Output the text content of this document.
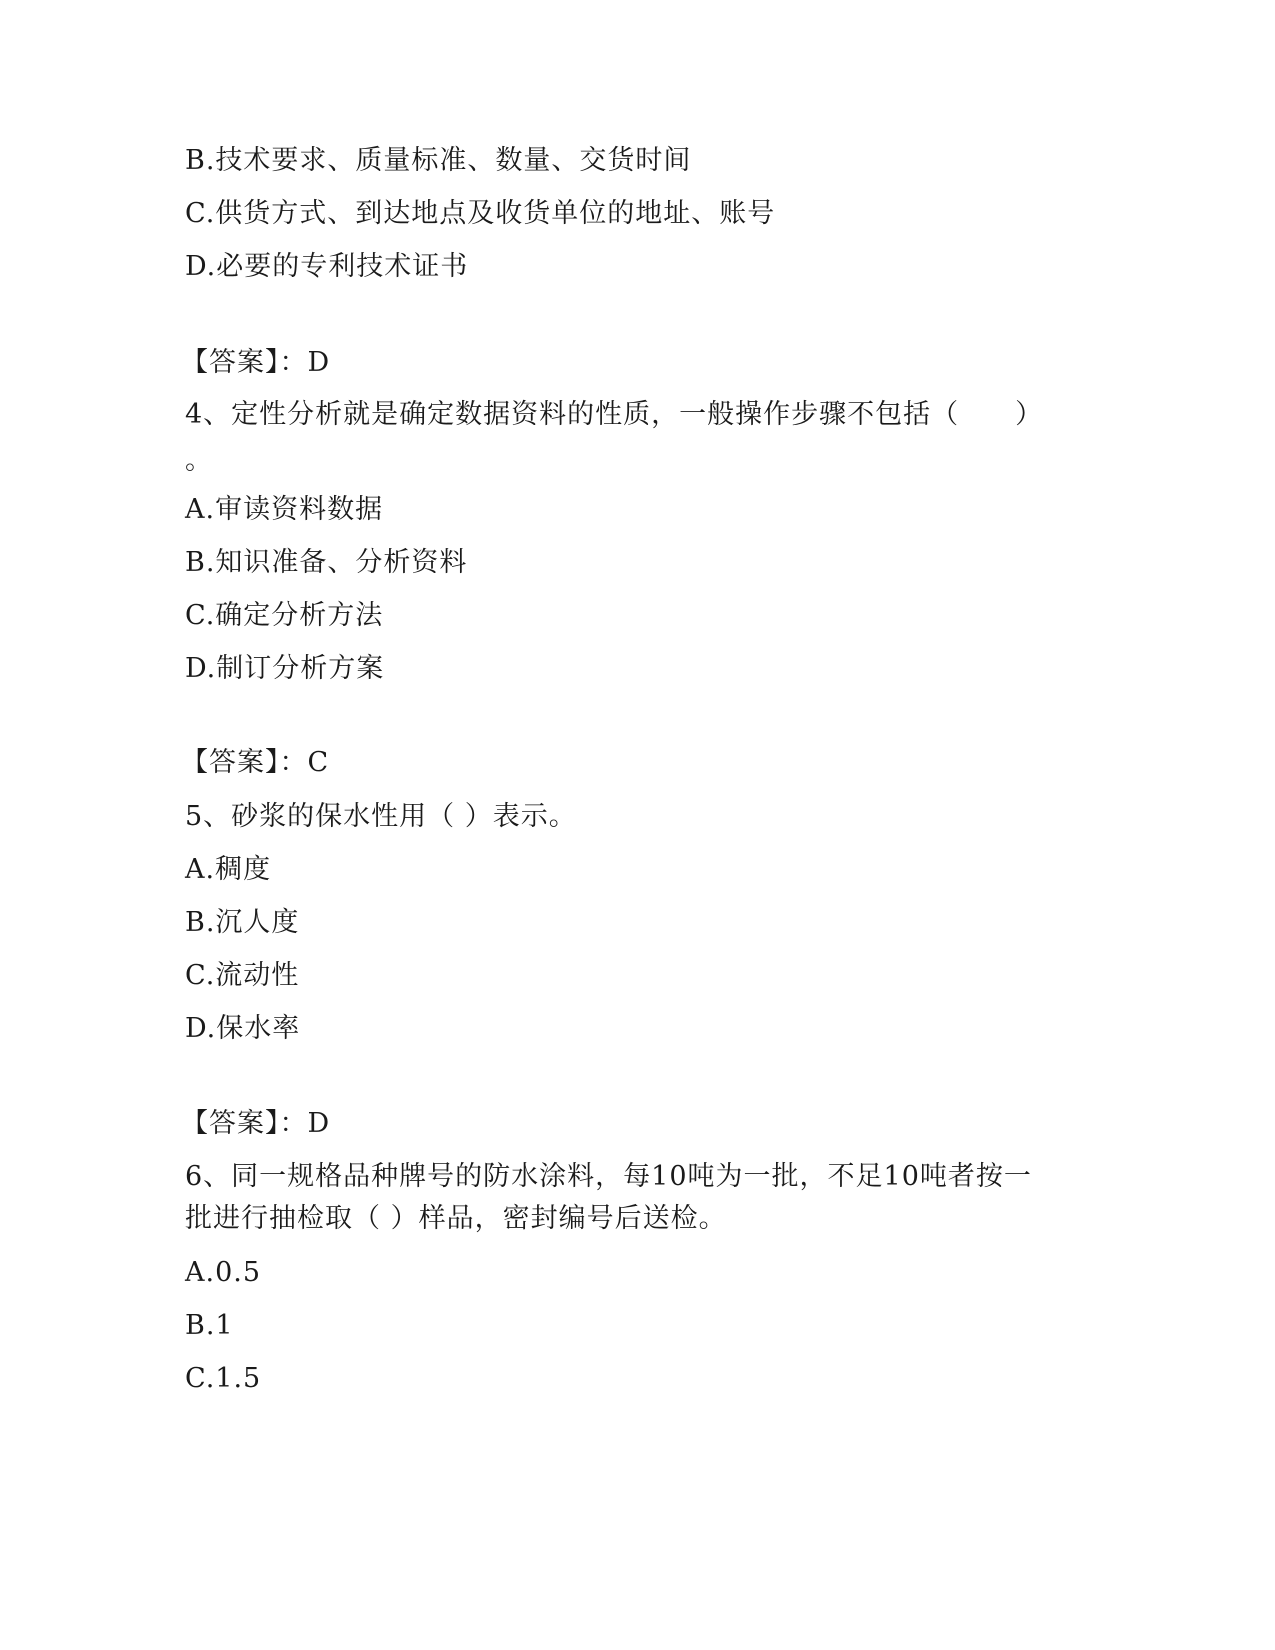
B.技术要求、质量标准、数量、交货时间
C.供货方式、到达地点及收货单位的地址、账号
D.必要的专利技术证书
【答案】：D
4、定性分析就是确定数据资料的性质，一般操作步骤不包括（　　）
。
A.审读资料数据
B.知识准备、分析资料
C.确定分析方法
D.制订分析方案
【答案】：C
5、砂浆的保水性用（ ）表示。
A.稠度
B.沉人度
C.流动性
D.保水率
【答案】：D
6、同一规格品种牌号的防水涂料，每10吨为一批，不足10吨者按一
批进行抽检取（ ）样品，密封编号后送检。
A.0.5
B.1
C.1.5
